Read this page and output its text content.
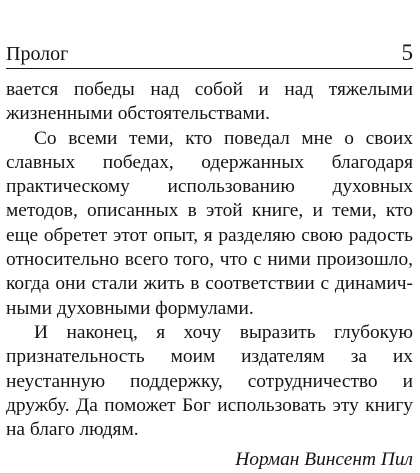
Пролог	5

вается победы над собой и над тяжелыми жизненными обстоятельствами.

Со всеми теми, кто поведал мне о своих славных победах, одержанных благодаря практическому использованию духовных методов, описанных в этой книге, и теми, кто еще обретет этот опыт, я разделяю свою радость относительно всего того, что с ними произошло, когда они стали жить в соответствии с динамичными духовными формулами.

И наконец, я хочу выразить глубокую признательность моим издателям за их неустанную поддержку, сотрудничество и дружбу. Да поможет Бог использовать эту книгу на благо людям.

Норман Винсент Пил
